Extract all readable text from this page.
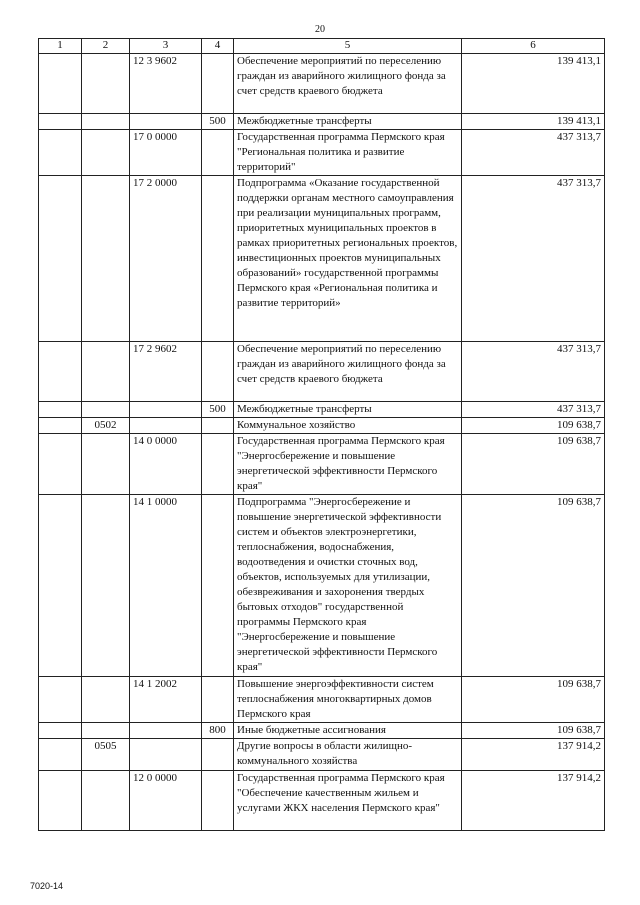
20
1	2	3	4	5	6
		12 3 9602		Обеспечение мероприятий по переселению граждан из аварийного жилищного фонда за счет средств краевого бюджета	139 413,1
			500	Межбюджетные трансферты	139 413,1
		17 0 0000		Государственная программа Пермского края "Региональная политика и развитие территорий"	437 313,7
		17 2 0000		Подпрограмма «Оказание государственной поддержки органам местного самоуправления при реализации муниципальных программ, приоритетных муниципальных проектов в рамках приоритетных региональных проектов, инвестиционных проектов муниципальных образований» государственной программы Пермского края «Региональная политика и развитие территорий»	437 313,7
		17 2 9602		Обеспечение мероприятий по переселению граждан из аварийного жилищного фонда за счет средств краевого бюджета	437 313,7
			500	Межбюджетные трансферты	437 313,7
	0502			Коммунальное хозяйство	109 638,7
		14 0 0000		Государственная программа Пермского края "Энергосбережение и повышение энергетической эффективности Пермского края"	109 638,7
		14 1 0000		Подпрограмма "Энергосбережение и повышение энергетической эффективности систем и объектов электроэнергетики, теплоснабжения, водоснабжения, водоотведения и очистки сточных вод, объектов, используемых для утилизации, обезвреживания и захоронения твердых бытовых отходов" государственной программы Пермского края "Энергосбережение и повышение энергетической эффективности Пермского края"	109 638,7
		14 1 2002		Повышение энергоэффективности систем теплоснабжения многоквартирных домов Пермского края	109 638,7
			800	Иные бюджетные ассигнования	109 638,7
	0505			Другие вопросы в области жилищно-коммунального хозяйства	137 914,2
		12 0 0000		Государственная программа Пермского края "Обеспечение качественным жильем и услугами ЖКХ населения Пермского края"	137 914,2
7020-14
